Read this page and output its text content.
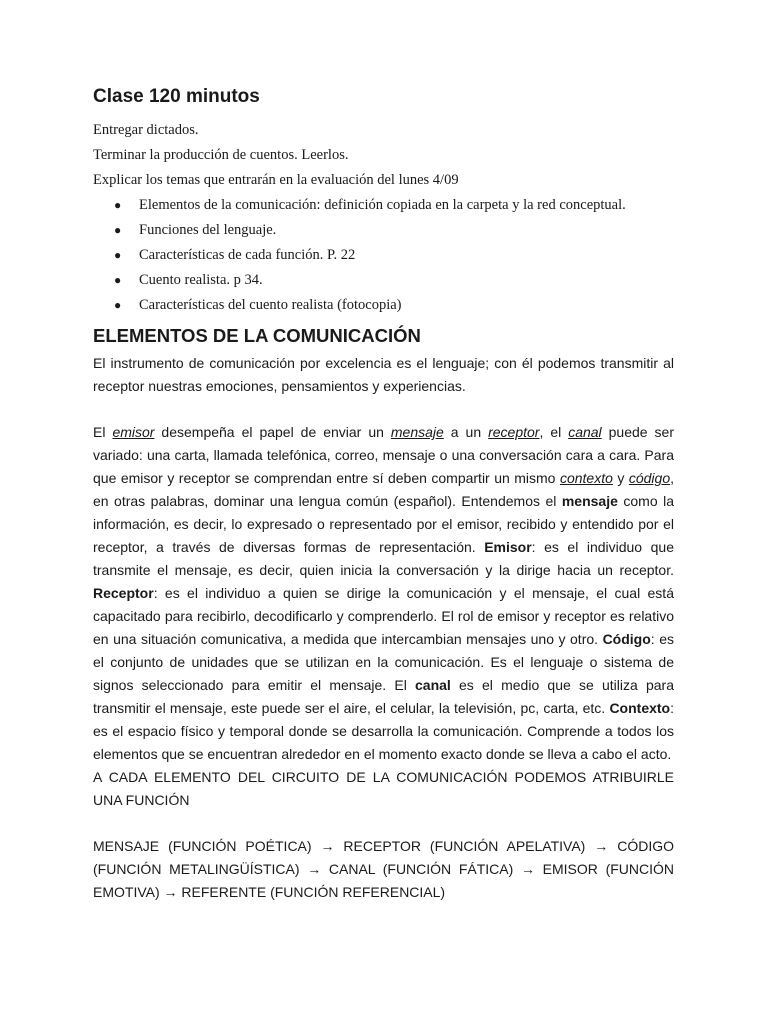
Clase 120 minutos

Entregar dictados.

Terminar la producción de cuentos. Leerlos.

Explicar los temas que entrarán en la evaluación del lunes 4/09

● Elementos de la comunicación: definición copiada en la carpeta y la red conceptual.
● Funciones del lenguaje.
● Características de cada función. P. 22
● Cuento realista. p 34.
● Características del cuento realista (fotocopia)
ELEMENTOS DE LA COMUNICACIÓN

El instrumento de comunicación por excelencia es el lenguaje; con él podemos transmitir al receptor nuestras emociones, pensamientos y experiencias.

El emisor desempeña el papel de enviar un mensaje a un receptor, el canal puede ser variado: una carta, llamada telefónica, correo, mensaje o una conversación cara a cara. Para que emisor y receptor se comprendan entre sí deben compartir un mismo contexto y código, en otras palabras, dominar una lengua común (español). Entendemos el mensaje como la información, es decir, lo expresado o representado por el emisor, recibido y entendido por el receptor, a través de diversas formas de representación. Emisor: es el individuo que transmite el mensaje, es decir, quien inicia la conversación y la dirige hacia un receptor. Receptor: es el individuo a quien se dirige la comunicación y el mensaje, el cual está capacitado para recibirlo, decodificarlo y comprenderlo. El rol de emisor y receptor es relativo en una situación comunicativa, a medida que intercambian mensajes uno y otro. Código: es el conjunto de unidades que se utilizan en la comunicación. Es el lenguaje o sistema de signos seleccionado para emitir el mensaje. El canal es el medio que se utiliza para transmitir el mensaje, este puede ser el aire, el celular, la televisión, pc, carta, etc. Contexto: es el espacio físico y temporal donde se desarrolla la comunicación. Comprende a todos los elementos que se encuentran alrededor en el momento exacto donde se lleva a cabo el acto.

A CADA ELEMENTO DEL CIRCUITO DE LA COMUNICACIÓN PODEMOS ATRIBUIRLE UNA FUNCIÓN

MENSAJE (FUNCIÓN POÉTICA) → RECEPTOR (FUNCIÓN APELATIVA) → CÓDIGO (FUNCIÓN METALINGÜÍSTICA) → CANAL (FUNCIÓN FÁTICA) → EMISOR (FUNCIÓN EMOTIVA) → REFERENTE (FUNCIÓN REFERENCIAL)
